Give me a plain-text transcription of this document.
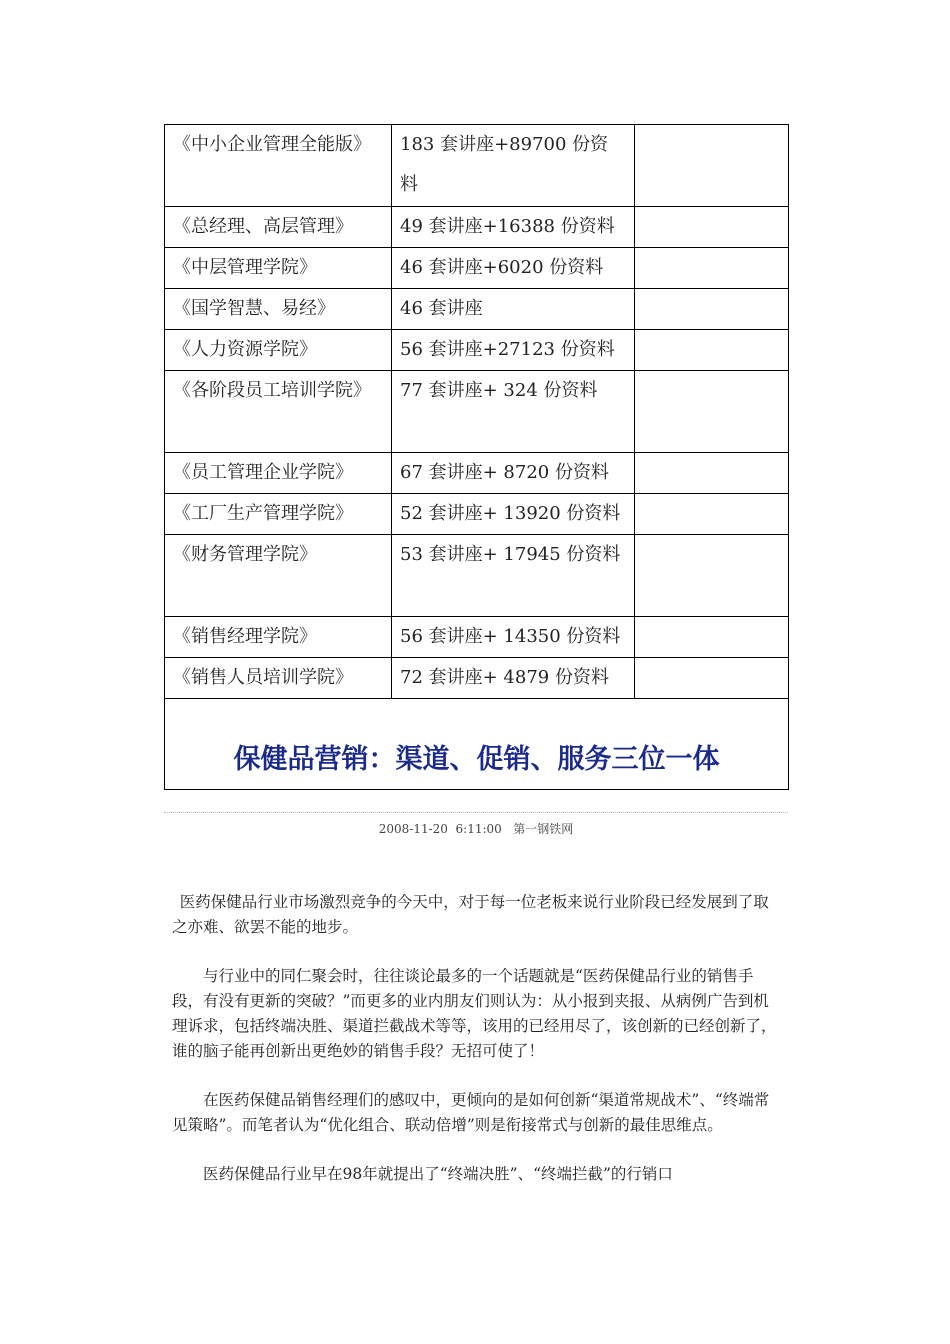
《中小企业管理全能版》	183 套讲座+89700 份资料	
《总经理、高层管理》	49 套讲座+16388 份资料	
《中层管理学院》	46 套讲座+6020 份资料	
《国学智慧、易经》	46 套讲座	
《人力资源学院》	56 套讲座+27123 份资料	
《各阶段员工培训学院》	77 套讲座+ 324 份资料	
《员工管理企业学院》	67 套讲座+ 8720 份资料	
《工厂生产管理学院》	52 套讲座+ 13920 份资料	
《财务管理学院》	53 套讲座+ 17945 份资料	
《销售经理学院》	56 套讲座+ 14350 份资料	
《销售人员培训学院》	72 套讲座+ 4879 份资料	
保健品营销：渠道、促销、服务三位一体		
2008-11-20  6:11:00   第一钢铁网

医药保健品行业市场激烈竞争的今天中，对于每一位老板来说行业阶段已经发展到了取之亦难、欲罢不能的地步。

与行业中的同仁聚会时，往往谈论最多的一个话题就是“医药保健品行业的销售手段，有没有更新的突破？”而更多的业内朋友们则认为：从小报到夹报、从病例广告到机理诉求，包括终端决胜、渠道拦截战术等等，该用的已经用尽了，该创新的已经创新了，谁的脑子能再创新出更绝妙的销售手段？无招可使了！

在医药保健品销售经理们的感叹中，更倾向的是如何创新“渠道常规战术”、“终端常见策略”。而笔者认为“优化组合、联动倍增”则是衔接常式与创新的最佳思维点。

医药保健品行业早在98年就提出了“终端决胜”、“终端拦截”的行销口
